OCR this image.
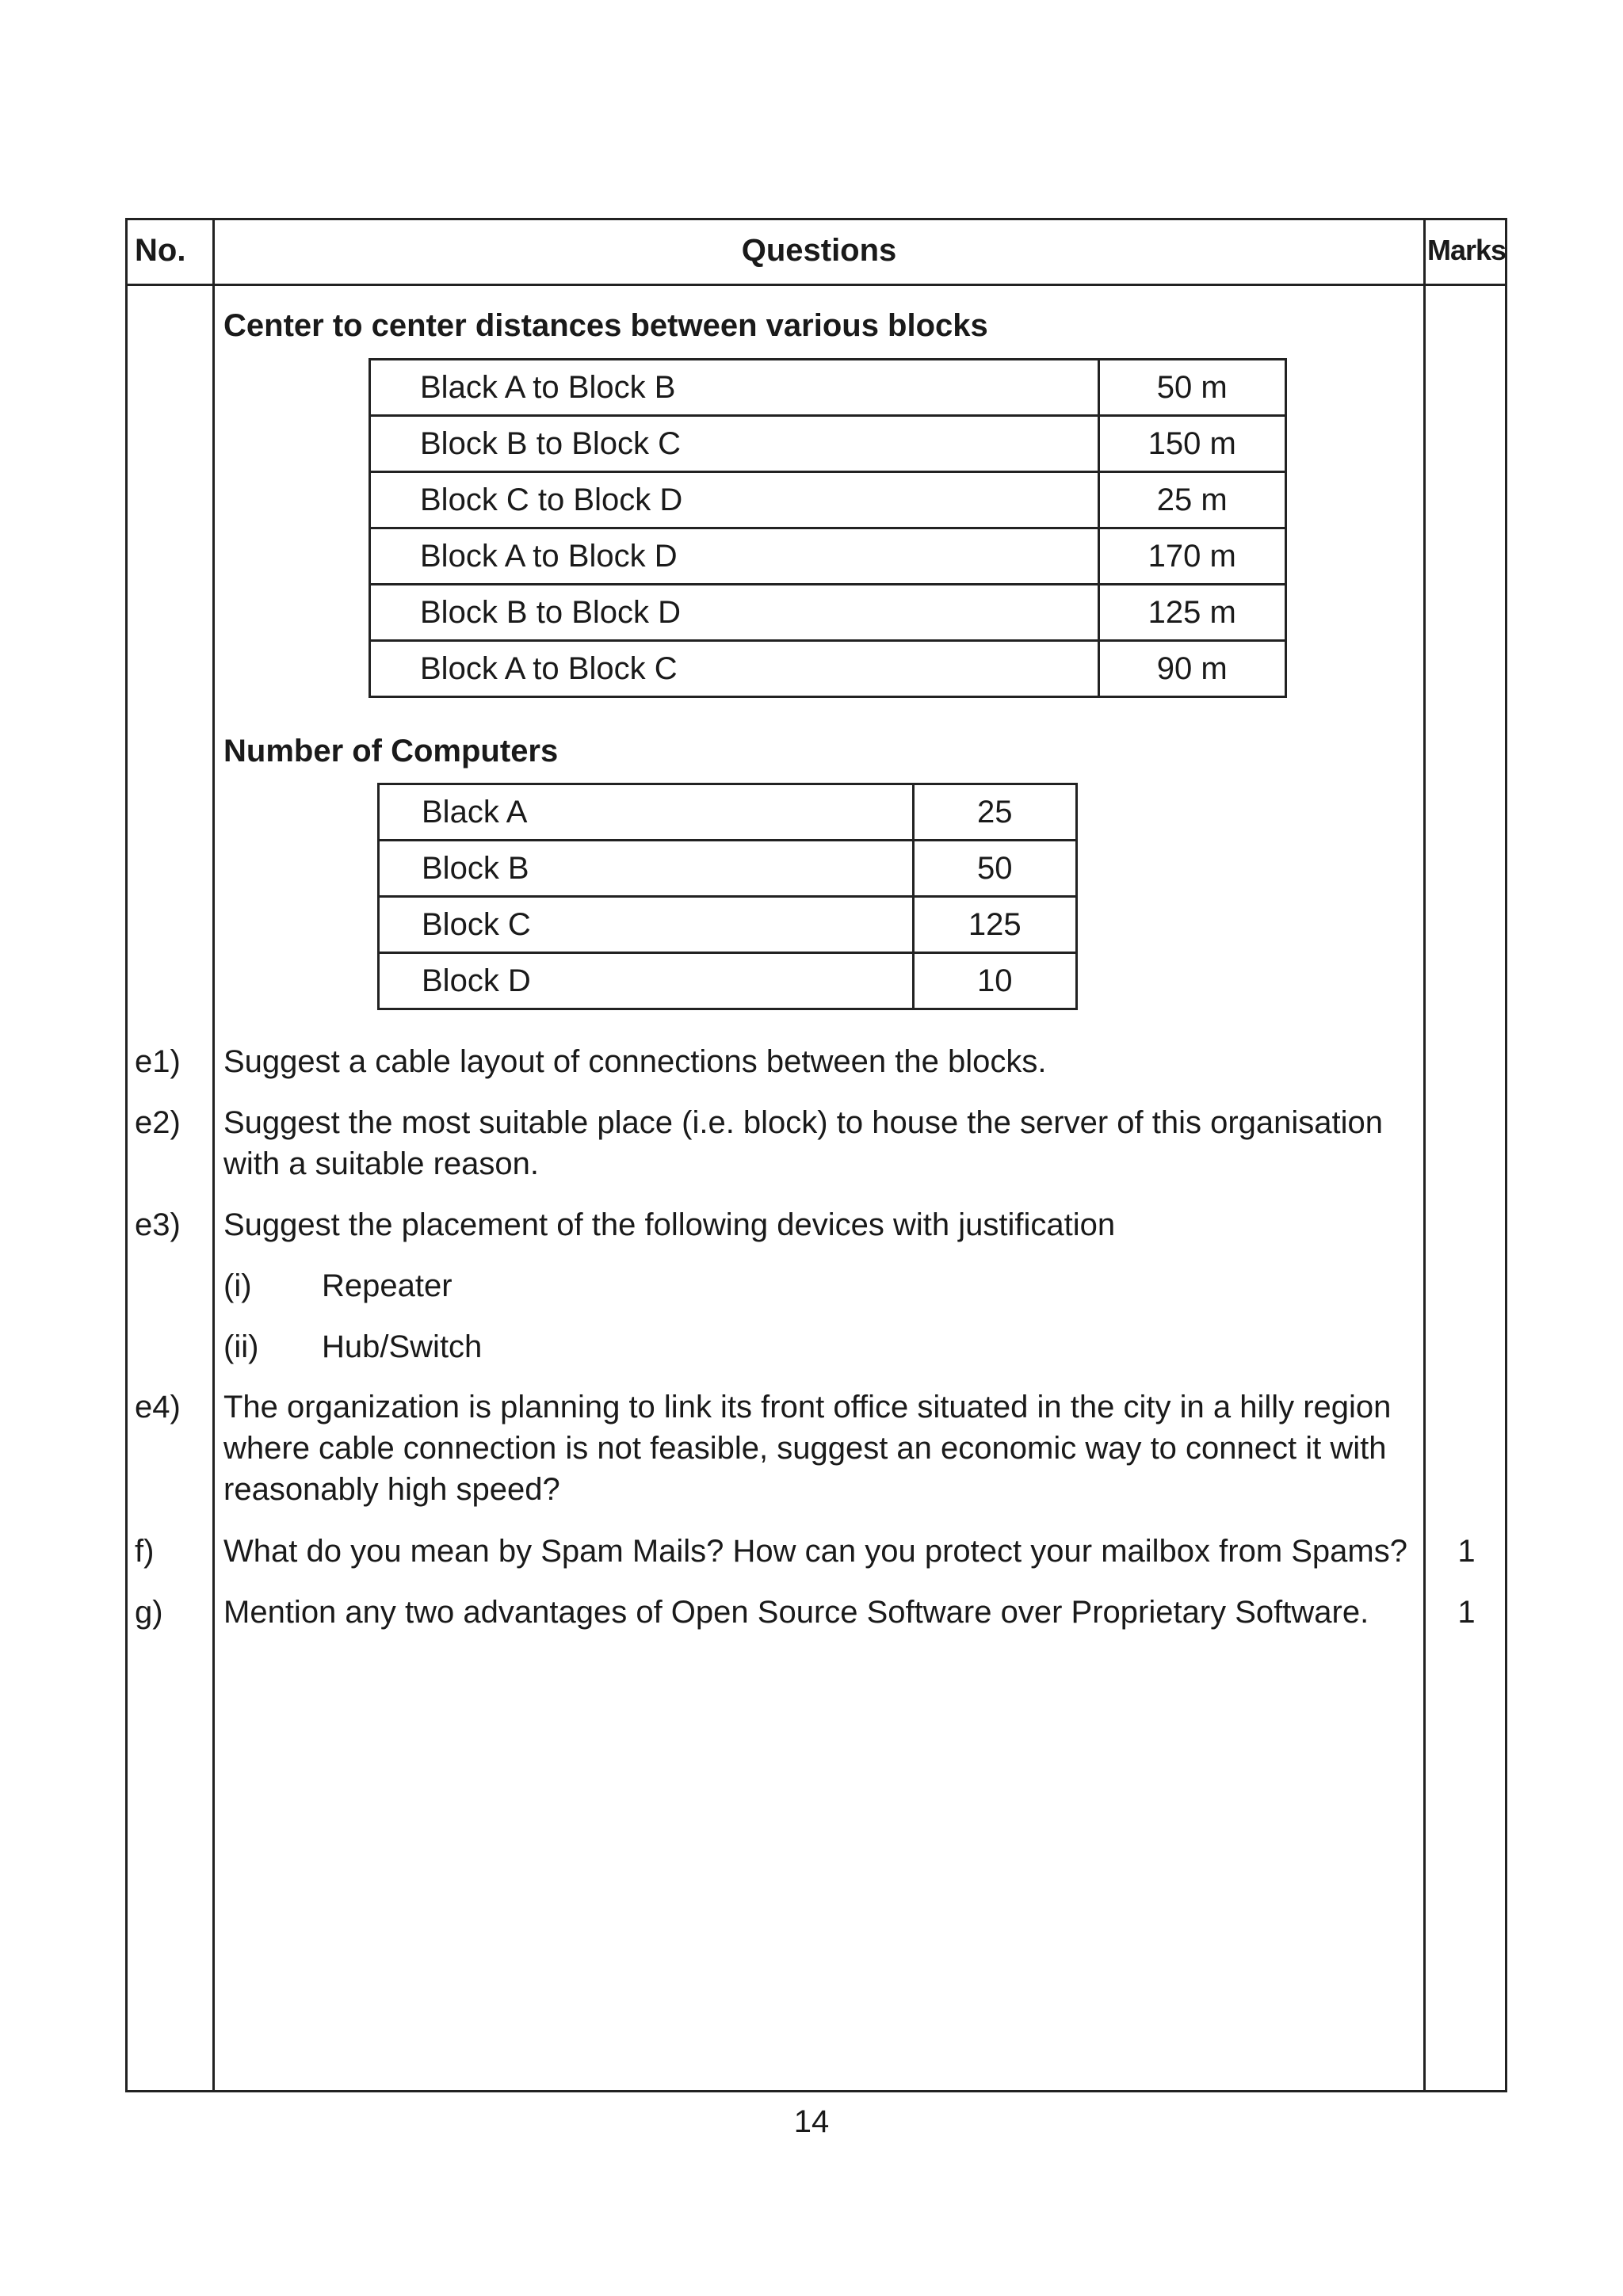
No.	Questions	Marks
Center to center distances between various blocks
Black A to Block B	50 m
Block B to Block C	150 m
Block C to Block D	25 m
Block A to Block D	170 m
Block B to Block D	125 m
Block A to Block C	90 m
Number of Computers
Black A	25
Block B	50
Block C	125
Block D	10
e1) Suggest a cable layout of connections between the blocks.
e2) Suggest the most suitable place (i.e. block) to house the server of this organisation
with a suitable reason.
e3) Suggest the placement of the following devices with justification
(i) Repeater
(ii) Hub/Switch
e4) The organization is planning to link its front office situated in the city in a hilly region
where cable connection is not feasible, suggest an economic way to connect it with
reasonably high speed?
f) What do you mean by Spam Mails? How can you protect your mailbox from Spams?	1
g) Mention any two advantages of Open Source Software over Proprietary Software.	1
14
